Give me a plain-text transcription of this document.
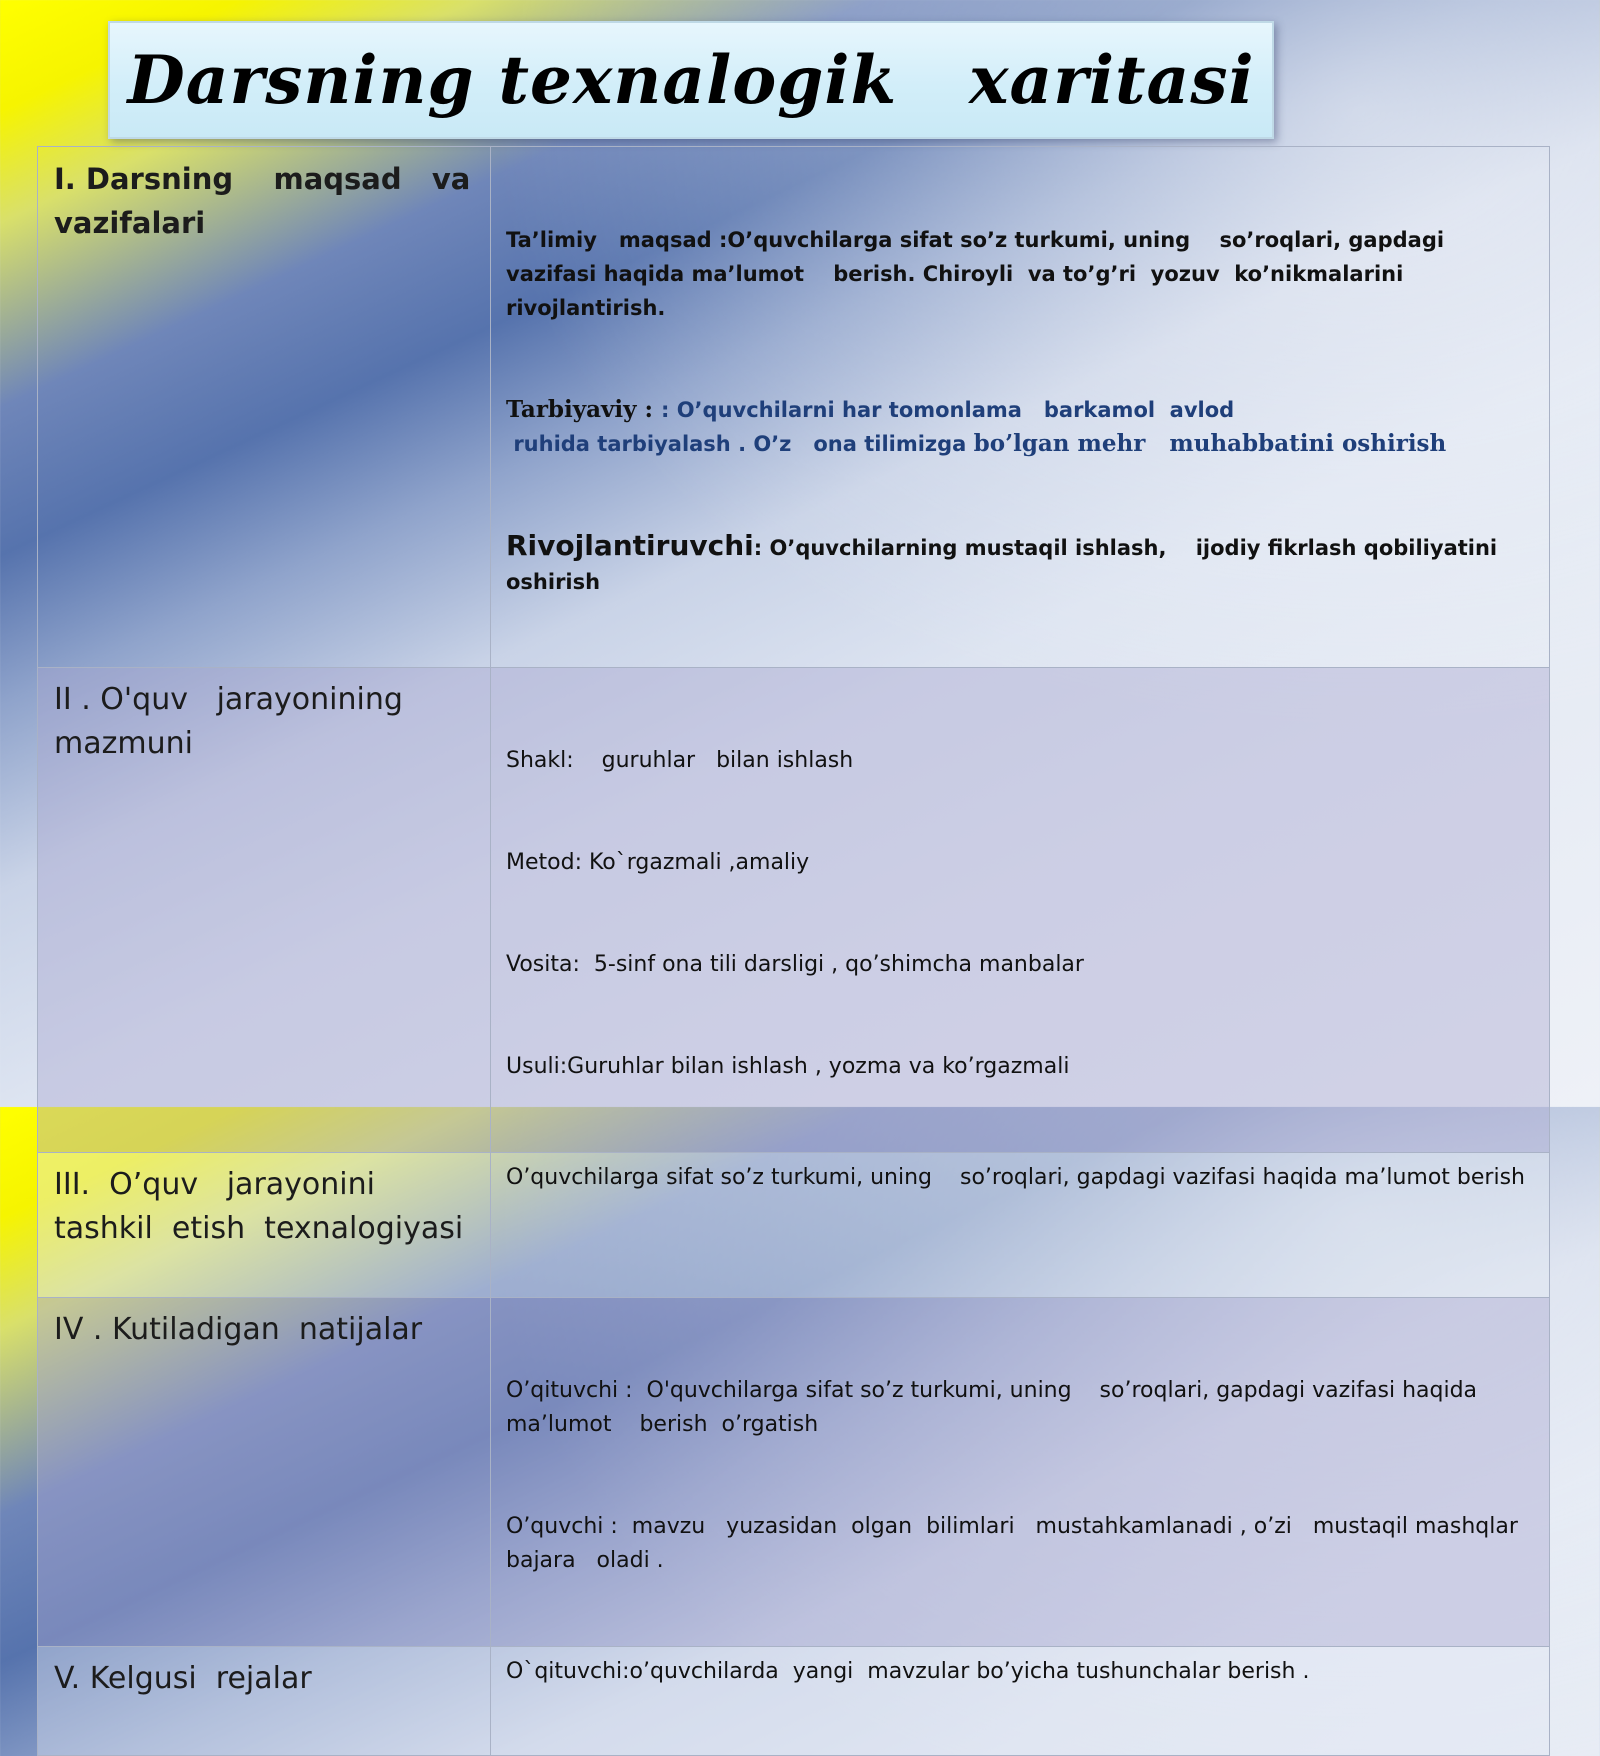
Darsning texnalogik   xaritasi
I. Darsning    maqsad   va vazifalari	Ta’limiy   maqsad :O’quvchilarga sifat so’z turkumi, uning    so’roqlari, gapdagi vazifasi haqida ma’lumot    berish. Chiroyli  va to’g’ri  yozuv  ko’nikmalarini rivojlantirish.

Tarbiyaviy : : O’quvchilarni har tomonlama   barkamol  avlod
ruhida tarbiyalash . O’z   ona tilimizga bo’lgan mehr   muhabbatini oshirish

Rivojlantiruvchi: O’quvchilarning mustaqil ishlash,    ijodiy fikrlash qobiliyatini oshirish

II . O'quv   jarayonining mazmuni	Shakl:    guruhlar   bilan ishlash

Metod: Ko`rgazmali ,amaliy

Vosita:  5-sinf ona tili darsligi , qo’shimcha manbalar

Usuli:Guruhlar bilan ishlash , yozma va ko’rgazmali

III.  O’quv   jarayonini tashkil  etish  texnalogiyasi	O’quvchilarga sifat so’z turkumi, uning    so’roqlari, gapdagi vazifasi haqida ma’lumot berish

IV . Kutiladigan  natijalar	O’qituvchi :  O'quvchilarga sifat so’z turkumi, uning    so’roqlari, gapdagi vazifasi haqida ma’lumot    berish  o’rgatish

O’quvchi :  mavzu   yuzasidan  olgan  bilimlari   mustahkamlanadi , o’zi   mustaqil mashqlar  bajara   oladi .

V. Kelgusi  rejalar	O`qituvchi:o’quvchilarda  yangi  mavzular bo’yicha tushunchalar berish .
